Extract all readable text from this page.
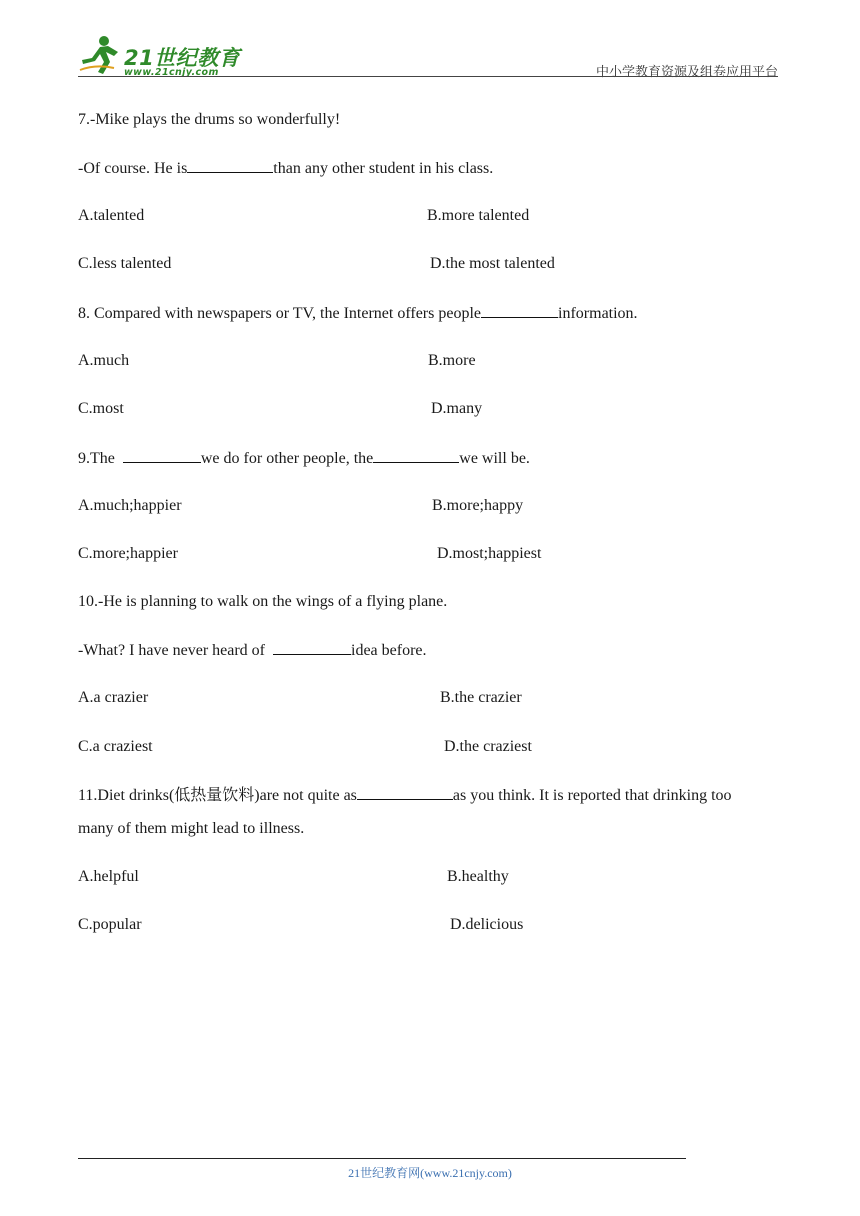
21世纪教育
www.21cnjy.com	中小学教育资源及组卷应用平台
7.-Mike plays the drums so wonderfully!
-Of course. He is	than any other student in his class.
A.talented	B.more talented
C.less talented	D.the most talented
8. Compared with newspapers or TV, the Internet offers people	information.
A.much	B.more
C.most	D.many
9.The	we do for other people, the	we will be.
A.much;happier	B.more;happy
C.more;happier	D.most;happiest
10.-He is planning to walk on the wings of a flying plane.
-What? I have never heard of	idea before.
A.a crazier	B.the crazier
C.a craziest	D.the craziest
11.Diet drinks(低热量饮料)are not quite as	as you think. It is reported that drinking too
many of them might lead to illness.
A.helpful	B.healthy
C.popular	D.delicious
21世纪教育网(www.21cnjy.com)
